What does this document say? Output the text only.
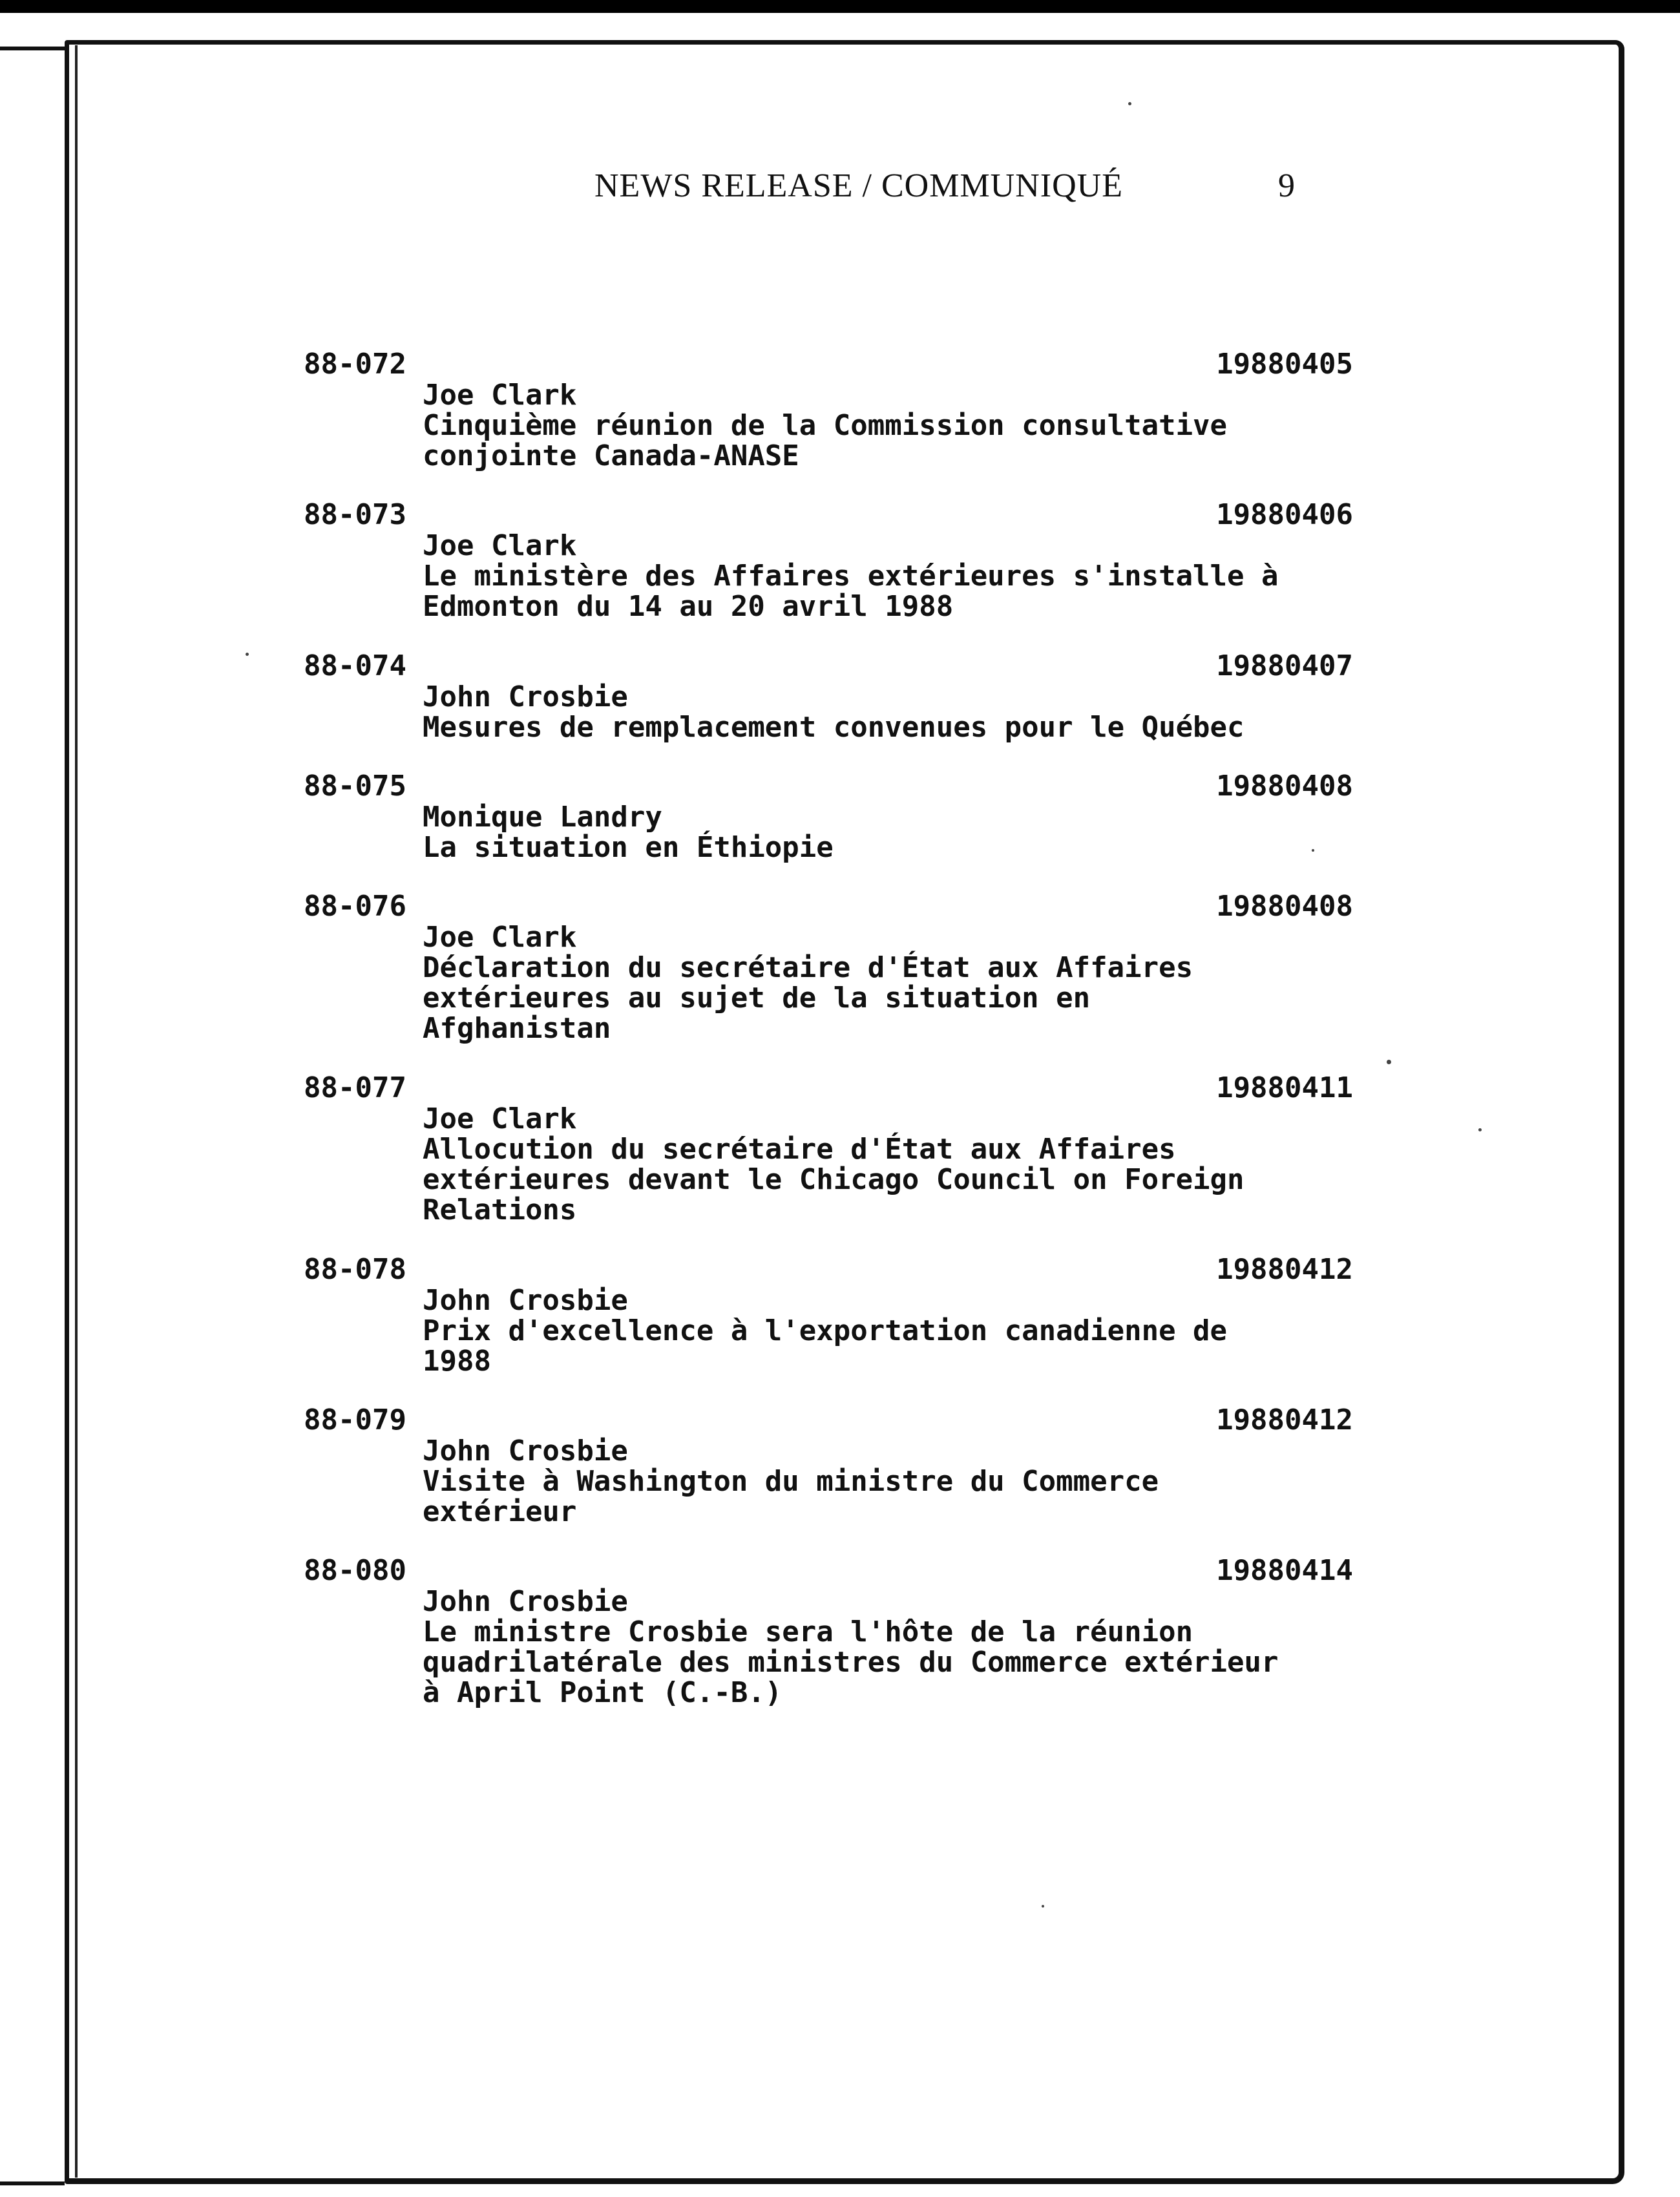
NEWS RELEASE / COMMUNIQUÉ	9
88-072	19880405
Joe Clark
Cinquième réunion de la Commission consultative
conjointe Canada-ANASE
88-073	19880406
Joe Clark
Le ministère des Affaires extérieures s'installe à
Edmonton du 14 au 20 avril 1988
88-074	19880407
John Crosbie
Mesures de remplacement convenues pour le Québec
88-075	19880408
Monique Landry
La situation en Éthiopie
88-076	19880408
Joe Clark
Déclaration du secrétaire d'État aux Affaires
extérieures au sujet de la situation en
Afghanistan
88-077	19880411
Joe Clark
Allocution du secrétaire d'État aux Affaires
extérieures devant le Chicago Council on Foreign
Relations
88-078	19880412
John Crosbie
Prix d'excellence à l'exportation canadienne de
1988
88-079	19880412
John Crosbie
Visite à Washington du ministre du Commerce
extérieur
88-080	19880414
John Crosbie
Le ministre Crosbie sera l'hôte de la réunion
quadrilatérale des ministres du Commerce extérieur
à April Point (C.-B.)
